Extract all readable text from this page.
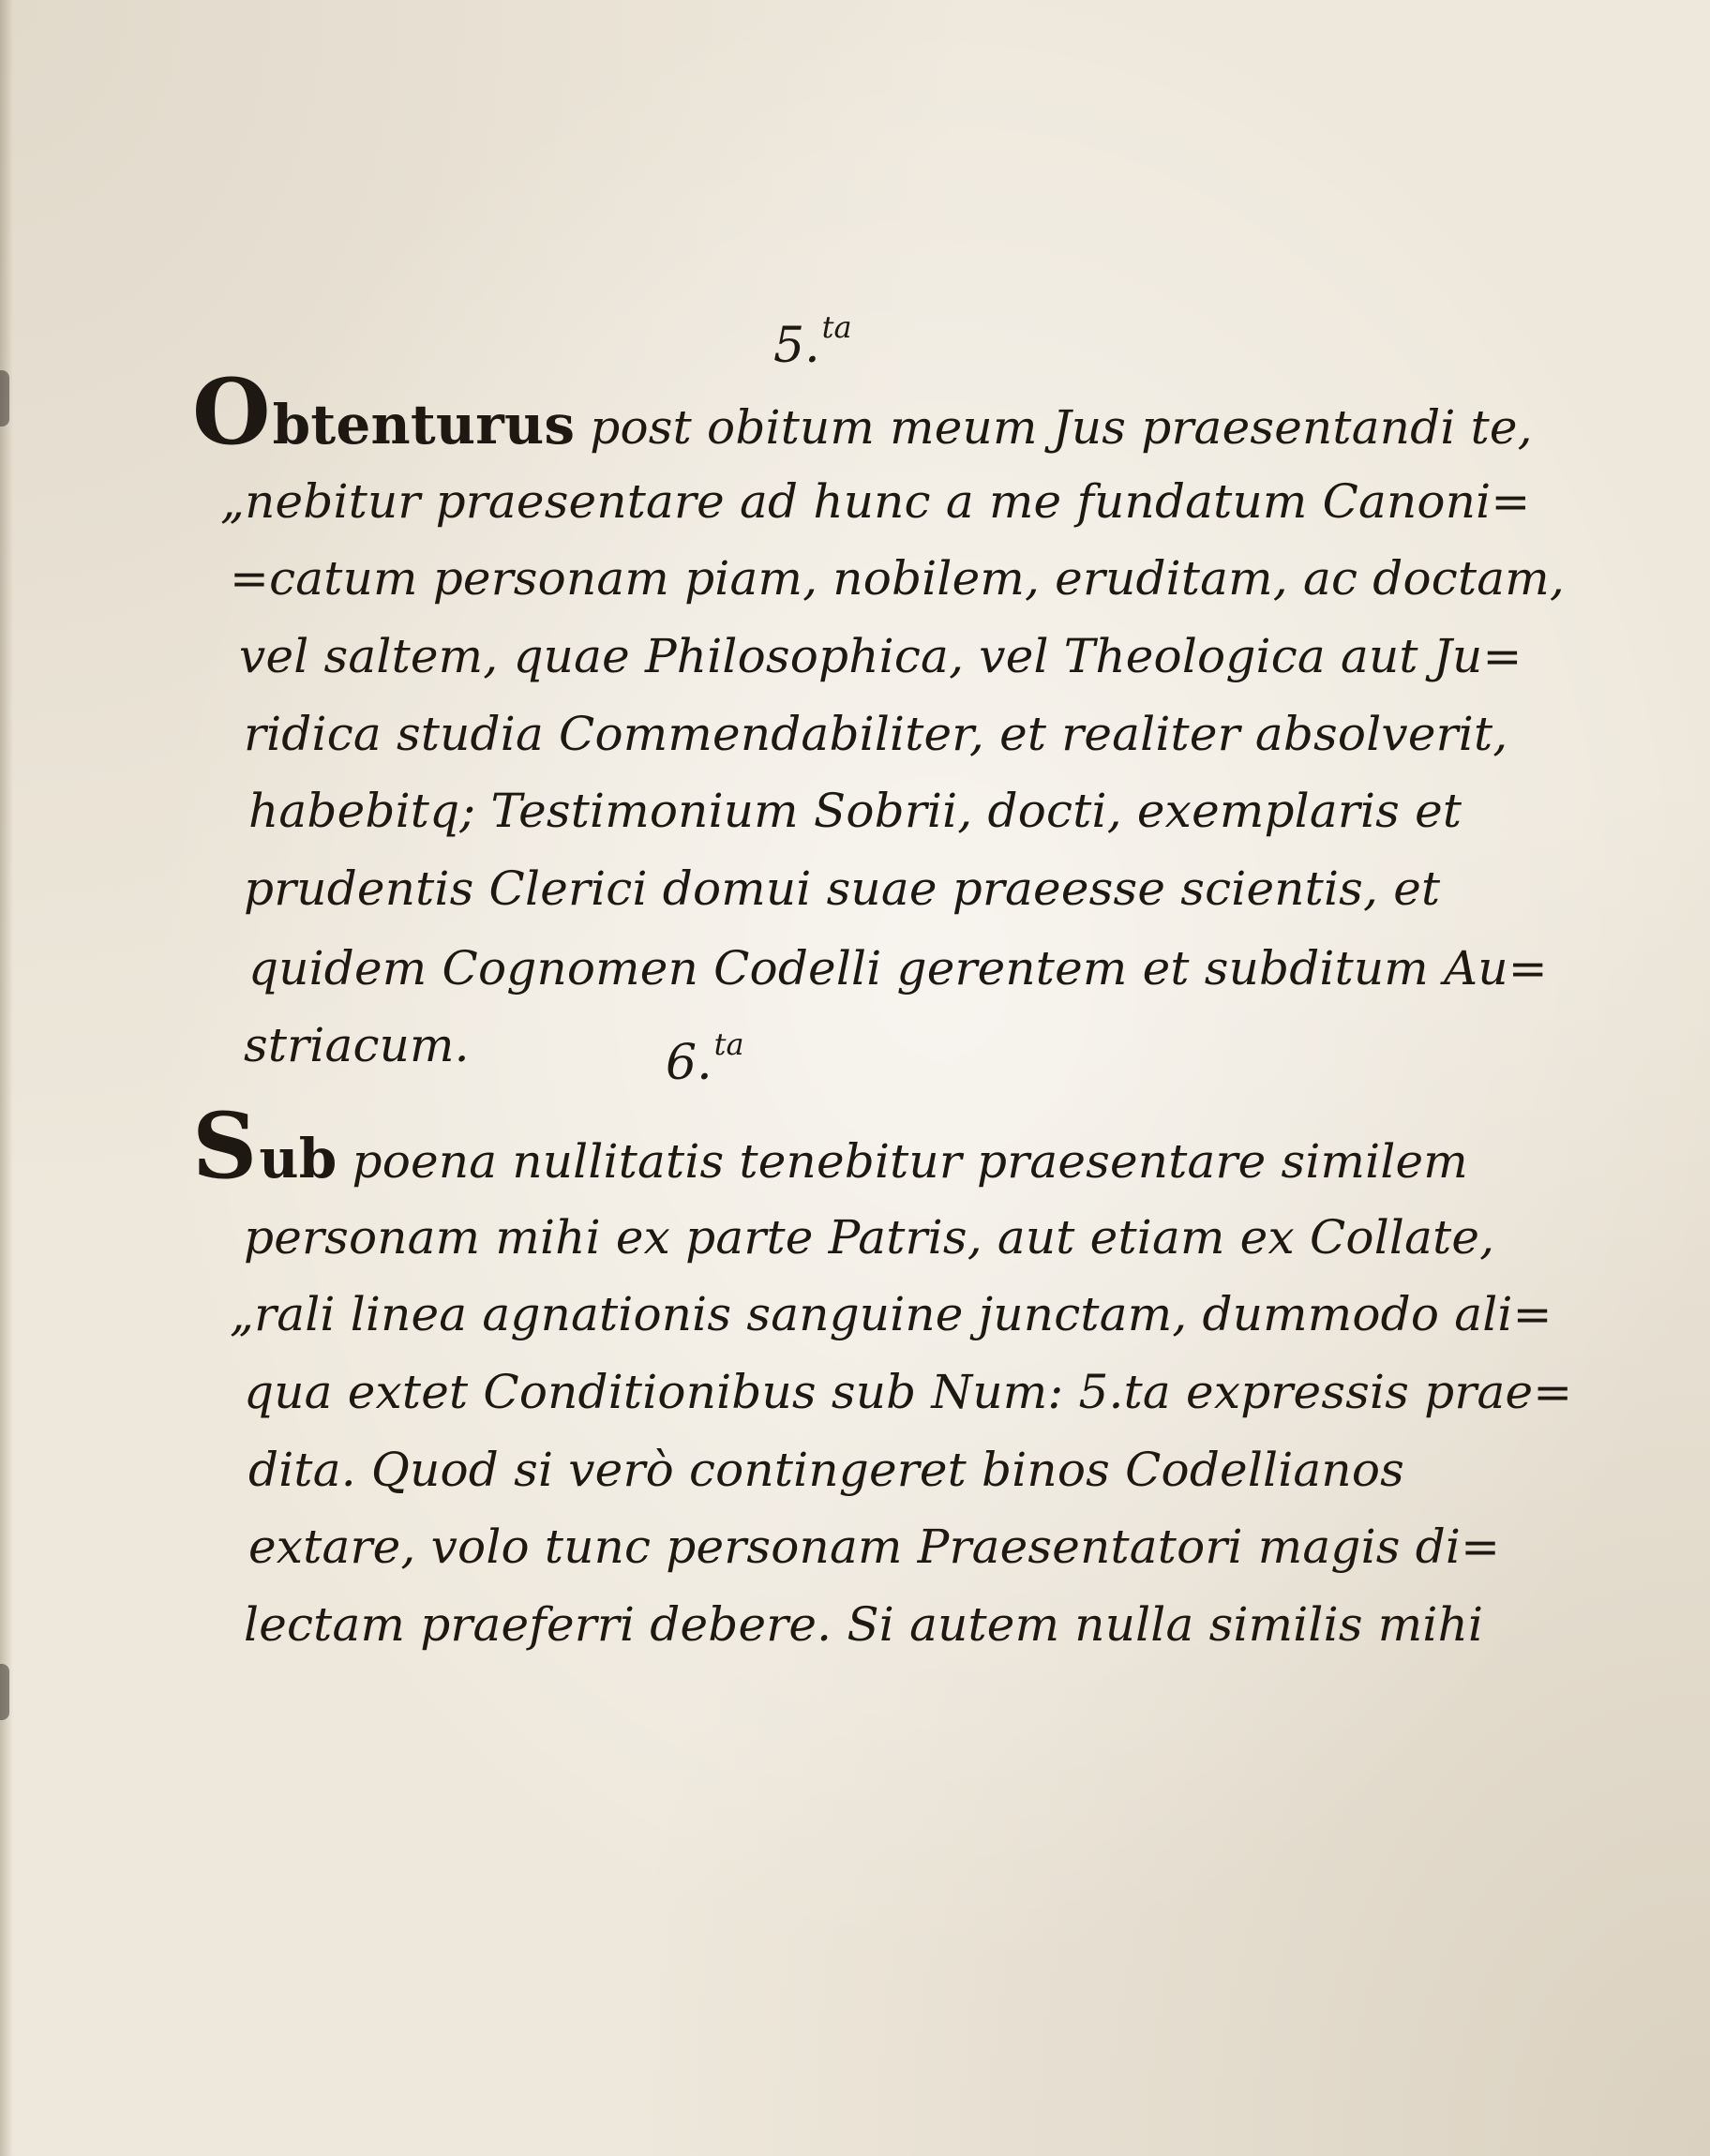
5.$^{ta}$
Obtenturus post obitum meum Jus praesentandi te,
„nebitur praesentare ad hunc a me fundatum Canoni=
=catum personam piam, nobilem, eruditam, ac doctam,
vel saltem, quae Philosophica, vel Theologica aut Ju=
ridica studia Commendabiliter, et realiter absolverit,
habebitq; Testimonium Sobrii, docti, exemplaris et
prudentis Clerici domui suae praeesse scientis, et
quidem Cognomen Codelli gerentem et subditum Au=
striacum.	6.$^{ta}$
Sub poena nullitatis tenebitur praesentare similem
personam mihi ex parte Patris, aut etiam ex Collate,
„rali linea agnationis sanguine junctam, dummodo ali=
qua extet Conditionibus sub Num: 5.ta expressis prae=
dita. Quod si verò contingeret binos Codellianos
extare, volo tunc personam Praesentatori magis di=
lectam praeferri debere. Si autem nulla similis mihi
